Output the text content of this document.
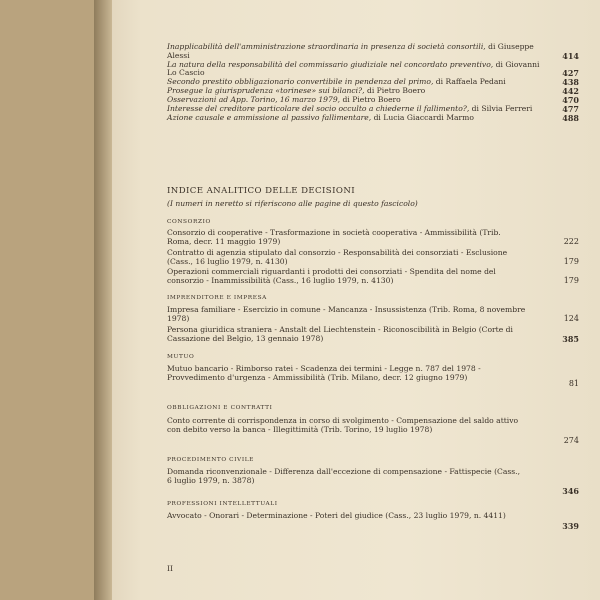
Inapplicabilità dell'amministrazione straordinaria in presenza di società consortili, di Giuseppe Alessi	414
La natura della responsabilità del commissario giudiziale nel concordato preventivo, di Giovanni Lo Cascio	427
Secondo prestito obbligazionario convertibile in pendenza del primo, di Raffaela Pedani	438
Prosegue la giurisprudenza «torinese» sui bilanci?, di Pietro Boero	442
Osservazioni ad App. Torino, 16 marzo 1979, di Pietro Boero	470
Interesse del creditore particolare del socio occulto a chiederne il fallimento?, di Silvia Ferreri	477
Azione causale e ammissione al passivo fallimentare, di Lucia Giaccardi Marmo	488
INDICE ANALITICO DELLE DECISIONI
(I numeri in neretto si riferiscono alle pagine di questo fascicolo)
CONSORZIO
Consorzio di cooperative - Trasformazione in società cooperativa - Ammissibilità (Trib. Roma, decr. 11 maggio 1979)	222
Contratto di agenzia stipulato dal consorzio - Responsabilità dei consorziati - Esclusione (Cass., 16 luglio 1979, n. 4130)	179
Operazioni commerciali riguardanti i prodotti dei consorziati - Spendita del nome del consorzio - Inammissibilità (Cass., 16 luglio 1979, n. 4130)	179
IMPRENDITORE E IMPRESA
Impresa familiare - Esercizio in comune - Mancanza - Insussistenza (Trib. Roma, 8 novembre 1978)	124
Persona giuridica straniera - Anstalt del Liechtenstein - Riconoscibilità in Belgio (Corte di Cassazione del Belgio, 13 gennaio 1978)	385
MUTUO
Mutuo bancario - Rimborso ratei - Scadenza dei termini - Legge n. 787 del 1978 - Provvedimento d'urgenza - Ammissibilità (Trib. Milano, decr. 12 giugno 1979)
81
OBBLIGAZIONI E CONTRATTI
Conto corrente di corrispondenza in corso di svolgimento - Compensazione del saldo attivo con debito verso la banca - Illegittimità (Trib. Torino, 19 luglio 1978)
274
PROCEDIMENTO CIVILE
Domanda riconvenzionale - Differenza dall'eccezione di compensazione - Fattispecie (Cass., 6 luglio 1979, n. 3878)
346
PROFESSIONI INTELLETTUALI
Avvocato - Onorari - Determinazione - Poteri del giudice (Cass., 23 luglio 1979, n. 4411)
339
II
